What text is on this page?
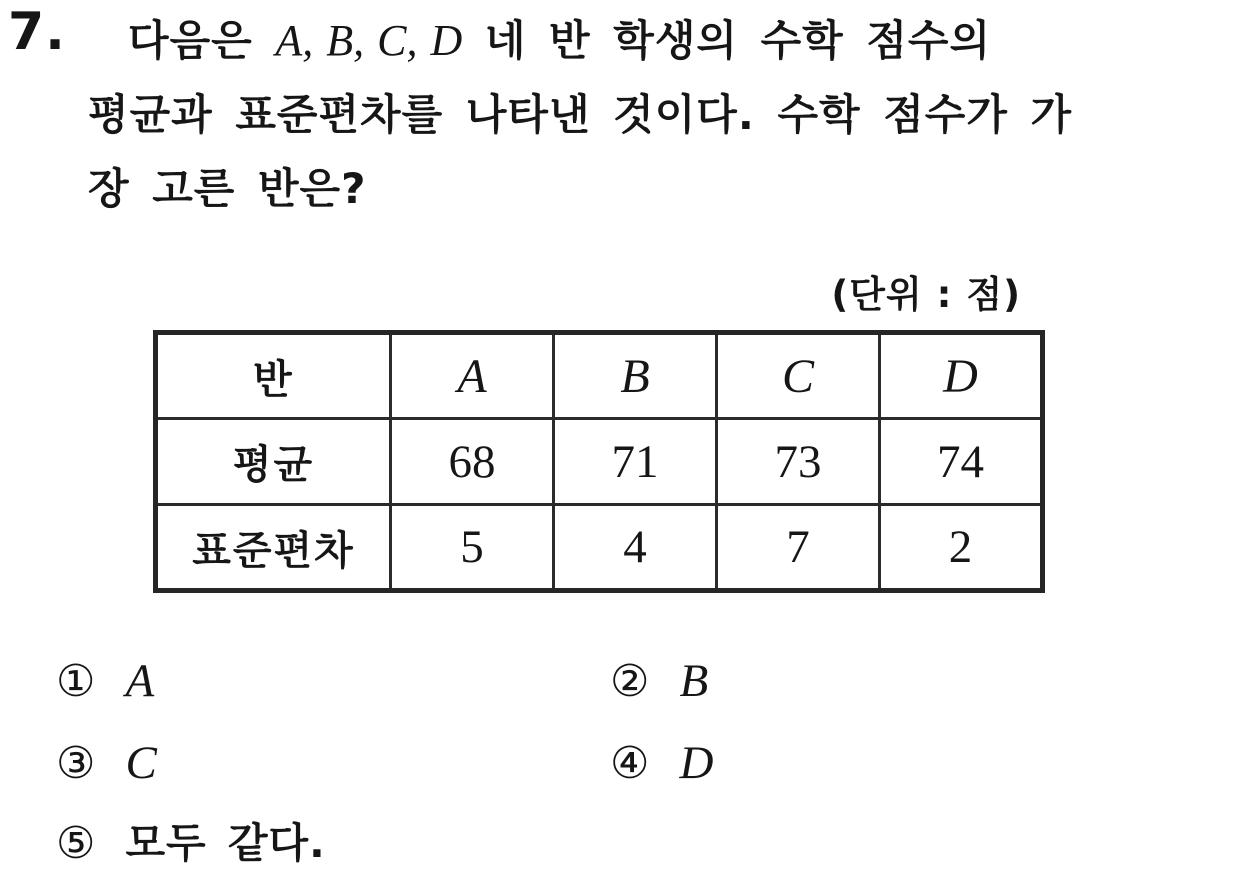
7.	다음은 A, B, C, D 네 반 학생의 수학 점수의
평균과 표준편차를 나타낸 것이다. 수학 점수가 가
장 고른 반은?
(단위 : 점)
반	A	B	C	D
평균	68	71	73	74
표준편차	5	4	7	2
① A	② B
③ C	④ D
⑤ 모두 같다.
